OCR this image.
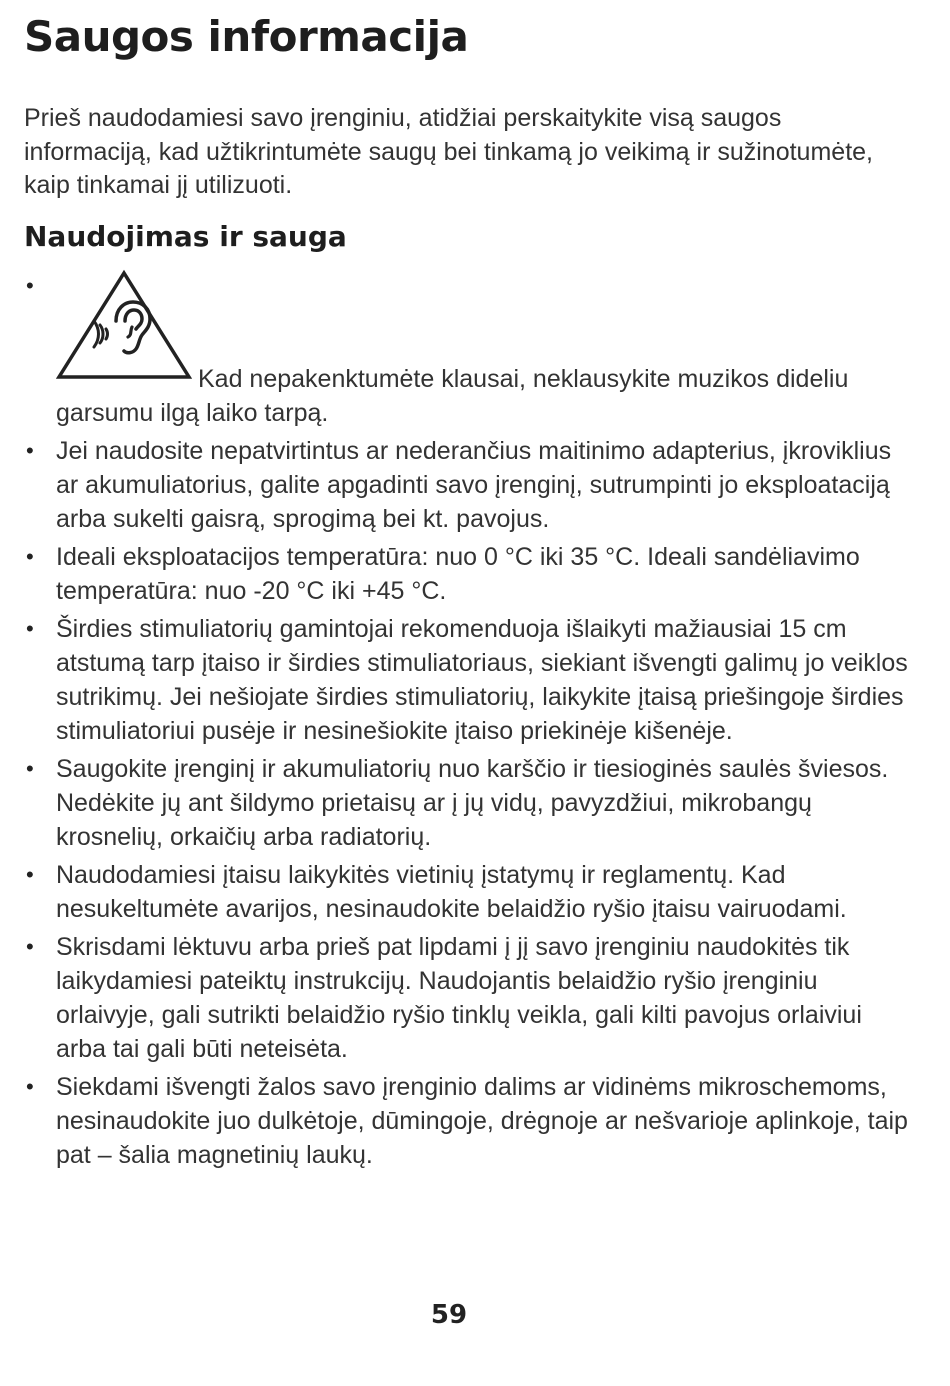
Saugos informacija

Prieš naudodamiesi savo įrenginiu, atidžiai perskaitykite visą saugos informaciją, kad užtikrintumėte saugų bei tinkamą jo veikimą ir sužinotumėte, kaip tinkamai jį utilizuoti.

Naudojimas ir sauga
•
Kad nepakenktumėte klausai, neklausykite muzikos dideliu garsumu ilgą laiko tarpą.
• Jei naudosite nepatvirtintus ar nederančius maitinimo adapterius, įkroviklius ar akumuliatorius, galite apgadinti savo įrenginį, sutrumpinti jo eksploataciją arba sukelti gaisrą, sprogimą bei kt. pavojus.
• Ideali eksploatacijos temperatūra: nuo 0 °C iki 35 °C. Ideali sandėliavimo temperatūra: nuo -20 °C iki +45 °C.
• Širdies stimuliatorių gamintojai rekomenduoja išlaikyti mažiausiai 15 cm atstumą tarp įtaiso ir širdies stimuliatoriaus, siekiant išvengti galimų jo veiklos sutrikimų. Jei nešiojate širdies stimuliatorių, laikykite įtaisą priešingoje širdies stimuliatoriui pusėje ir nesinešiokite įtaiso priekinėje kišenėje.
• Saugokite įrenginį ir akumuliatorių nuo karščio ir tiesioginės saulės šviesos. Nedėkite jų ant šildymo prietaisų ar į jų vidų, pavyzdžiui, mikrobangų krosnelių, orkaičių arba radiatorių.
• Naudodamiesi įtaisu laikykitės vietinių įstatymų ir reglamentų. Kad nesukeltumėte avarijos, nesinaudokite belaidžio ryšio įtaisu vairuodami.
• Skrisdami lėktuvu arba prieš pat lipdami į jį savo įrenginiu naudokitės tik laikydamiesi pateiktų instrukcijų. Naudojantis belaidžio ryšio įrenginiu orlaivyje, gali sutrikti belaidžio ryšio tinklų veikla, gali kilti pavojus orlaiviui arba tai gali būti neteisėta.
• Siekdami išvengti žalos savo įrenginio dalims ar vidinėms mikroschemoms, nesinaudokite juo dulkėtoje, dūmingoje, drėgnoje ar nešvarioje aplinkoje, taip pat – šalia magnetinių laukų.
59
